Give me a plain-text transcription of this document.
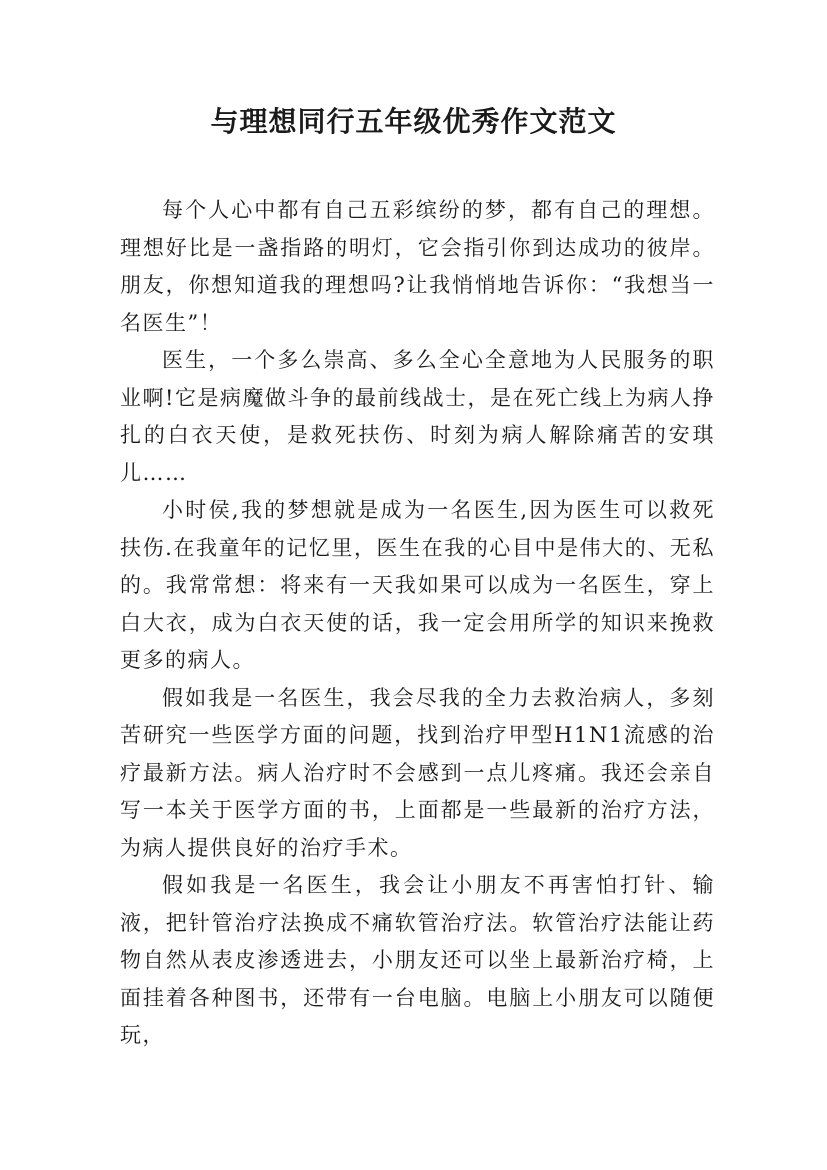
与理想同行五年级优秀作文范文

每个人心中都有自己五彩缤纷的梦，都有自己的理想。理想好比是一盏指路的明灯，它会指引你到达成功的彼岸。朋友，你想知道我的理想吗?让我悄悄地告诉你：“我想当一名医生”！

医生，一个多么崇高、多么全心全意地为人民服务的职业啊!它是病魔做斗争的最前线战士，是在死亡线上为病人挣扎的白衣天使，是救死扶伤、时刻为病人解除痛苦的安琪儿……

小时侯,我的梦想就是成为一名医生,因为医生可以救死扶伤.在我童年的记忆里，医生在我的心目中是伟大的、无私的。我常常想：将来有一天我如果可以成为一名医生，穿上白大衣，成为白衣天使的话，我一定会用所学的知识来挽救更多的病人。

假如我是一名医生，我会尽我的全力去救治病人，多刻苦研究一些医学方面的问题，找到治疗甲型H1N1流感的治疗最新方法。病人治疗时不会感到一点儿疼痛。我还会亲自写一本关于医学方面的书，上面都是一些最新的治疗方法，为病人提供良好的治疗手术。

假如我是一名医生，我会让小朋友不再害怕打针、输液，把针管治疗法换成不痛软管治疗法。软管治疗法能让药物自然从表皮渗透进去，小朋友还可以坐上最新治疗椅，上面挂着各种图书，还带有一台电脑。电脑上小朋友可以随便玩，
